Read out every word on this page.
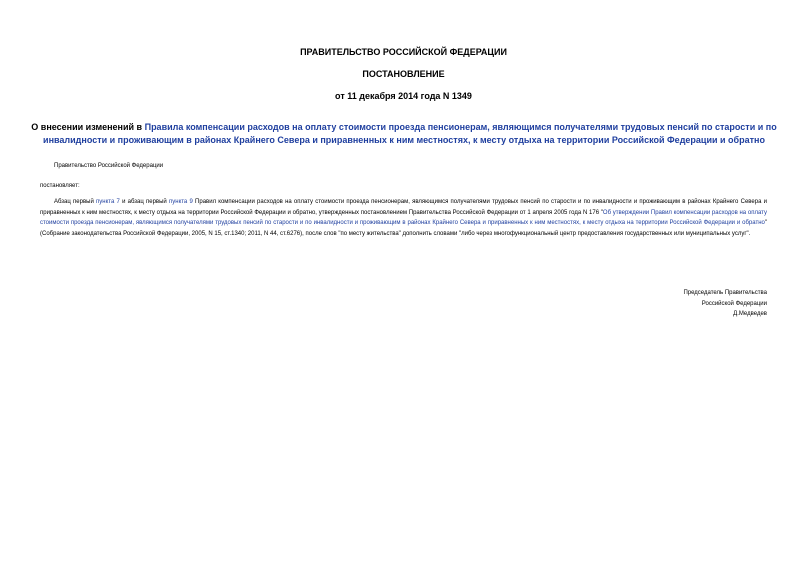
ПРАВИТЕЛЬСТВО РОССИЙСКОЙ ФЕДЕРАЦИИ
ПОСТАНОВЛЕНИЕ
от 11 декабря 2014 года N 1349
О внесении изменений в Правила компенсации расходов на оплату стоимости проезда пенсионерам, являющимся получателями трудовых пенсий по старости и по инвалидности и проживающим в районах Крайнего Севера и приравненных к ним местностях, к месту отдыха на территории Российской Федерации и обратно
Правительство Российской Федерации
постановляет:
Абзац первый пункта 7 и абзац первый пункта 9 Правил компенсации расходов на оплату стоимости проезда пенсионерам, являющимся получателями трудовых пенсий по старости и по инвалидности и проживающим в районах Крайнего Севера и приравненных к ним местностях, к месту отдыха на территории Российской Федерации и обратно, утвержденных постановлением Правительства Российской Федерации от 1 апреля 2005 года N 176 "Об утверждении Правил компенсации расходов на оплату стоимости проезда пенсионерам, являющимся получателями трудовых пенсий по старости и по инвалидности и проживающим в районах Крайнего Севера и приравненных к ним местностях, к месту отдыха на территории Российской Федерации и обратно" (Собрание законодательства Российской Федерации, 2005, N 15, ст.1340; 2011, N 44, ст.6276), после слов "по месту жительства" дополнить словами "либо через многофункциональный центр предоставления государственных или муниципальных услуг".
Председатель Правительства
Российской Федерации
Д.Медведев
